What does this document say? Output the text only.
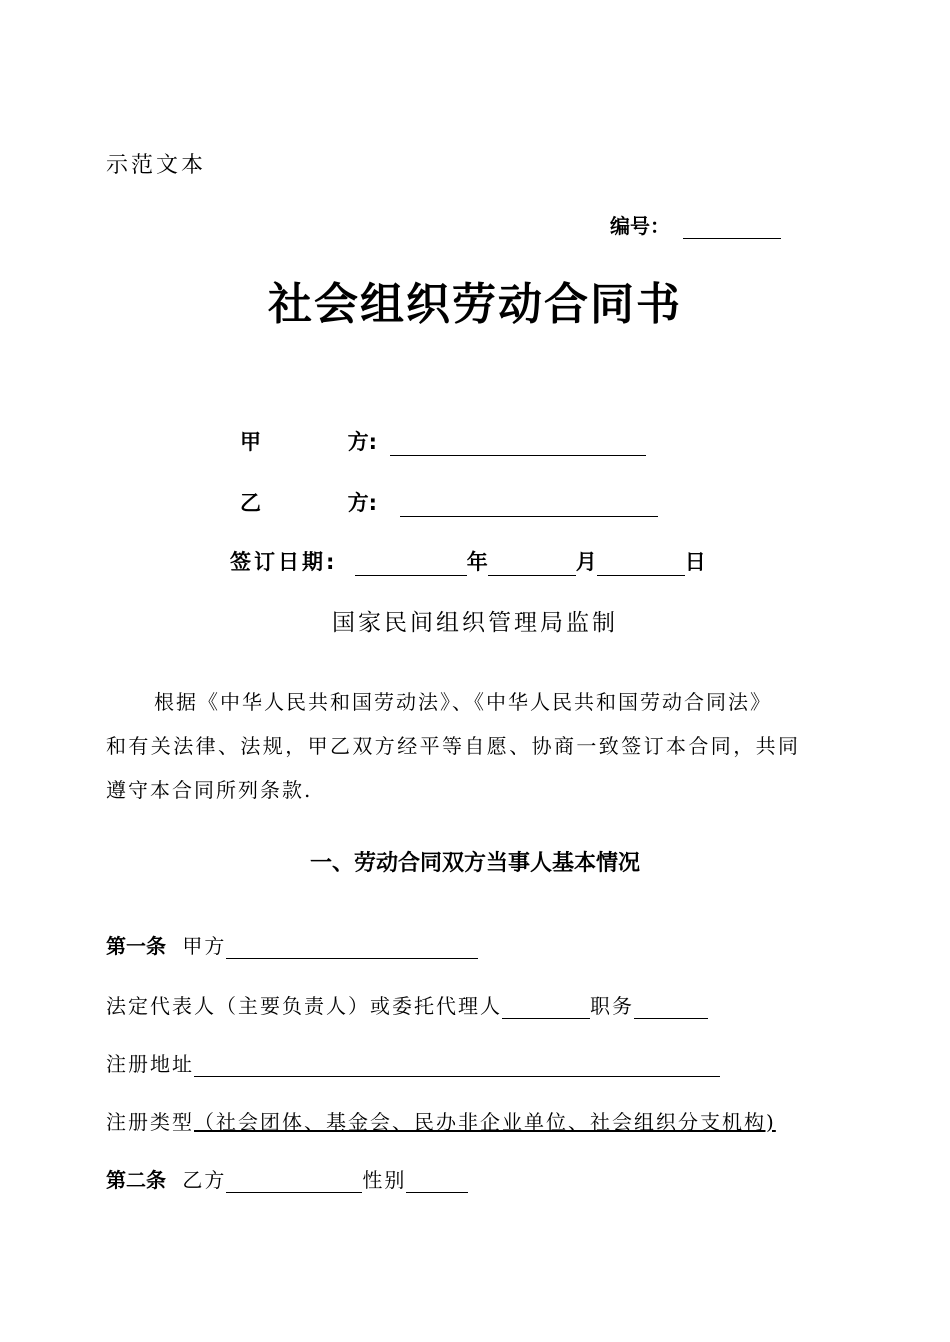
示范文本
编号：
社会组织劳动合同书
甲	方:
乙	方:
签订日期:	年	月	日
国家民间组织管理局监制
根据《中华人民共和国劳动法》、《中华人民共和国劳动合同法》
和有关法律、法规，甲乙双方经平等自愿、协商一致签订本合同，共同
遵守本合同所列条款.
一、劳动合同双方当事人基本情况
第一条 甲方
法定代表人（主要负责人）或委托代理人	职务
注册地址
注册类型（社会团体、基金会、民办非企业单位、社会组织分支机构)
第二条 乙方	性别
